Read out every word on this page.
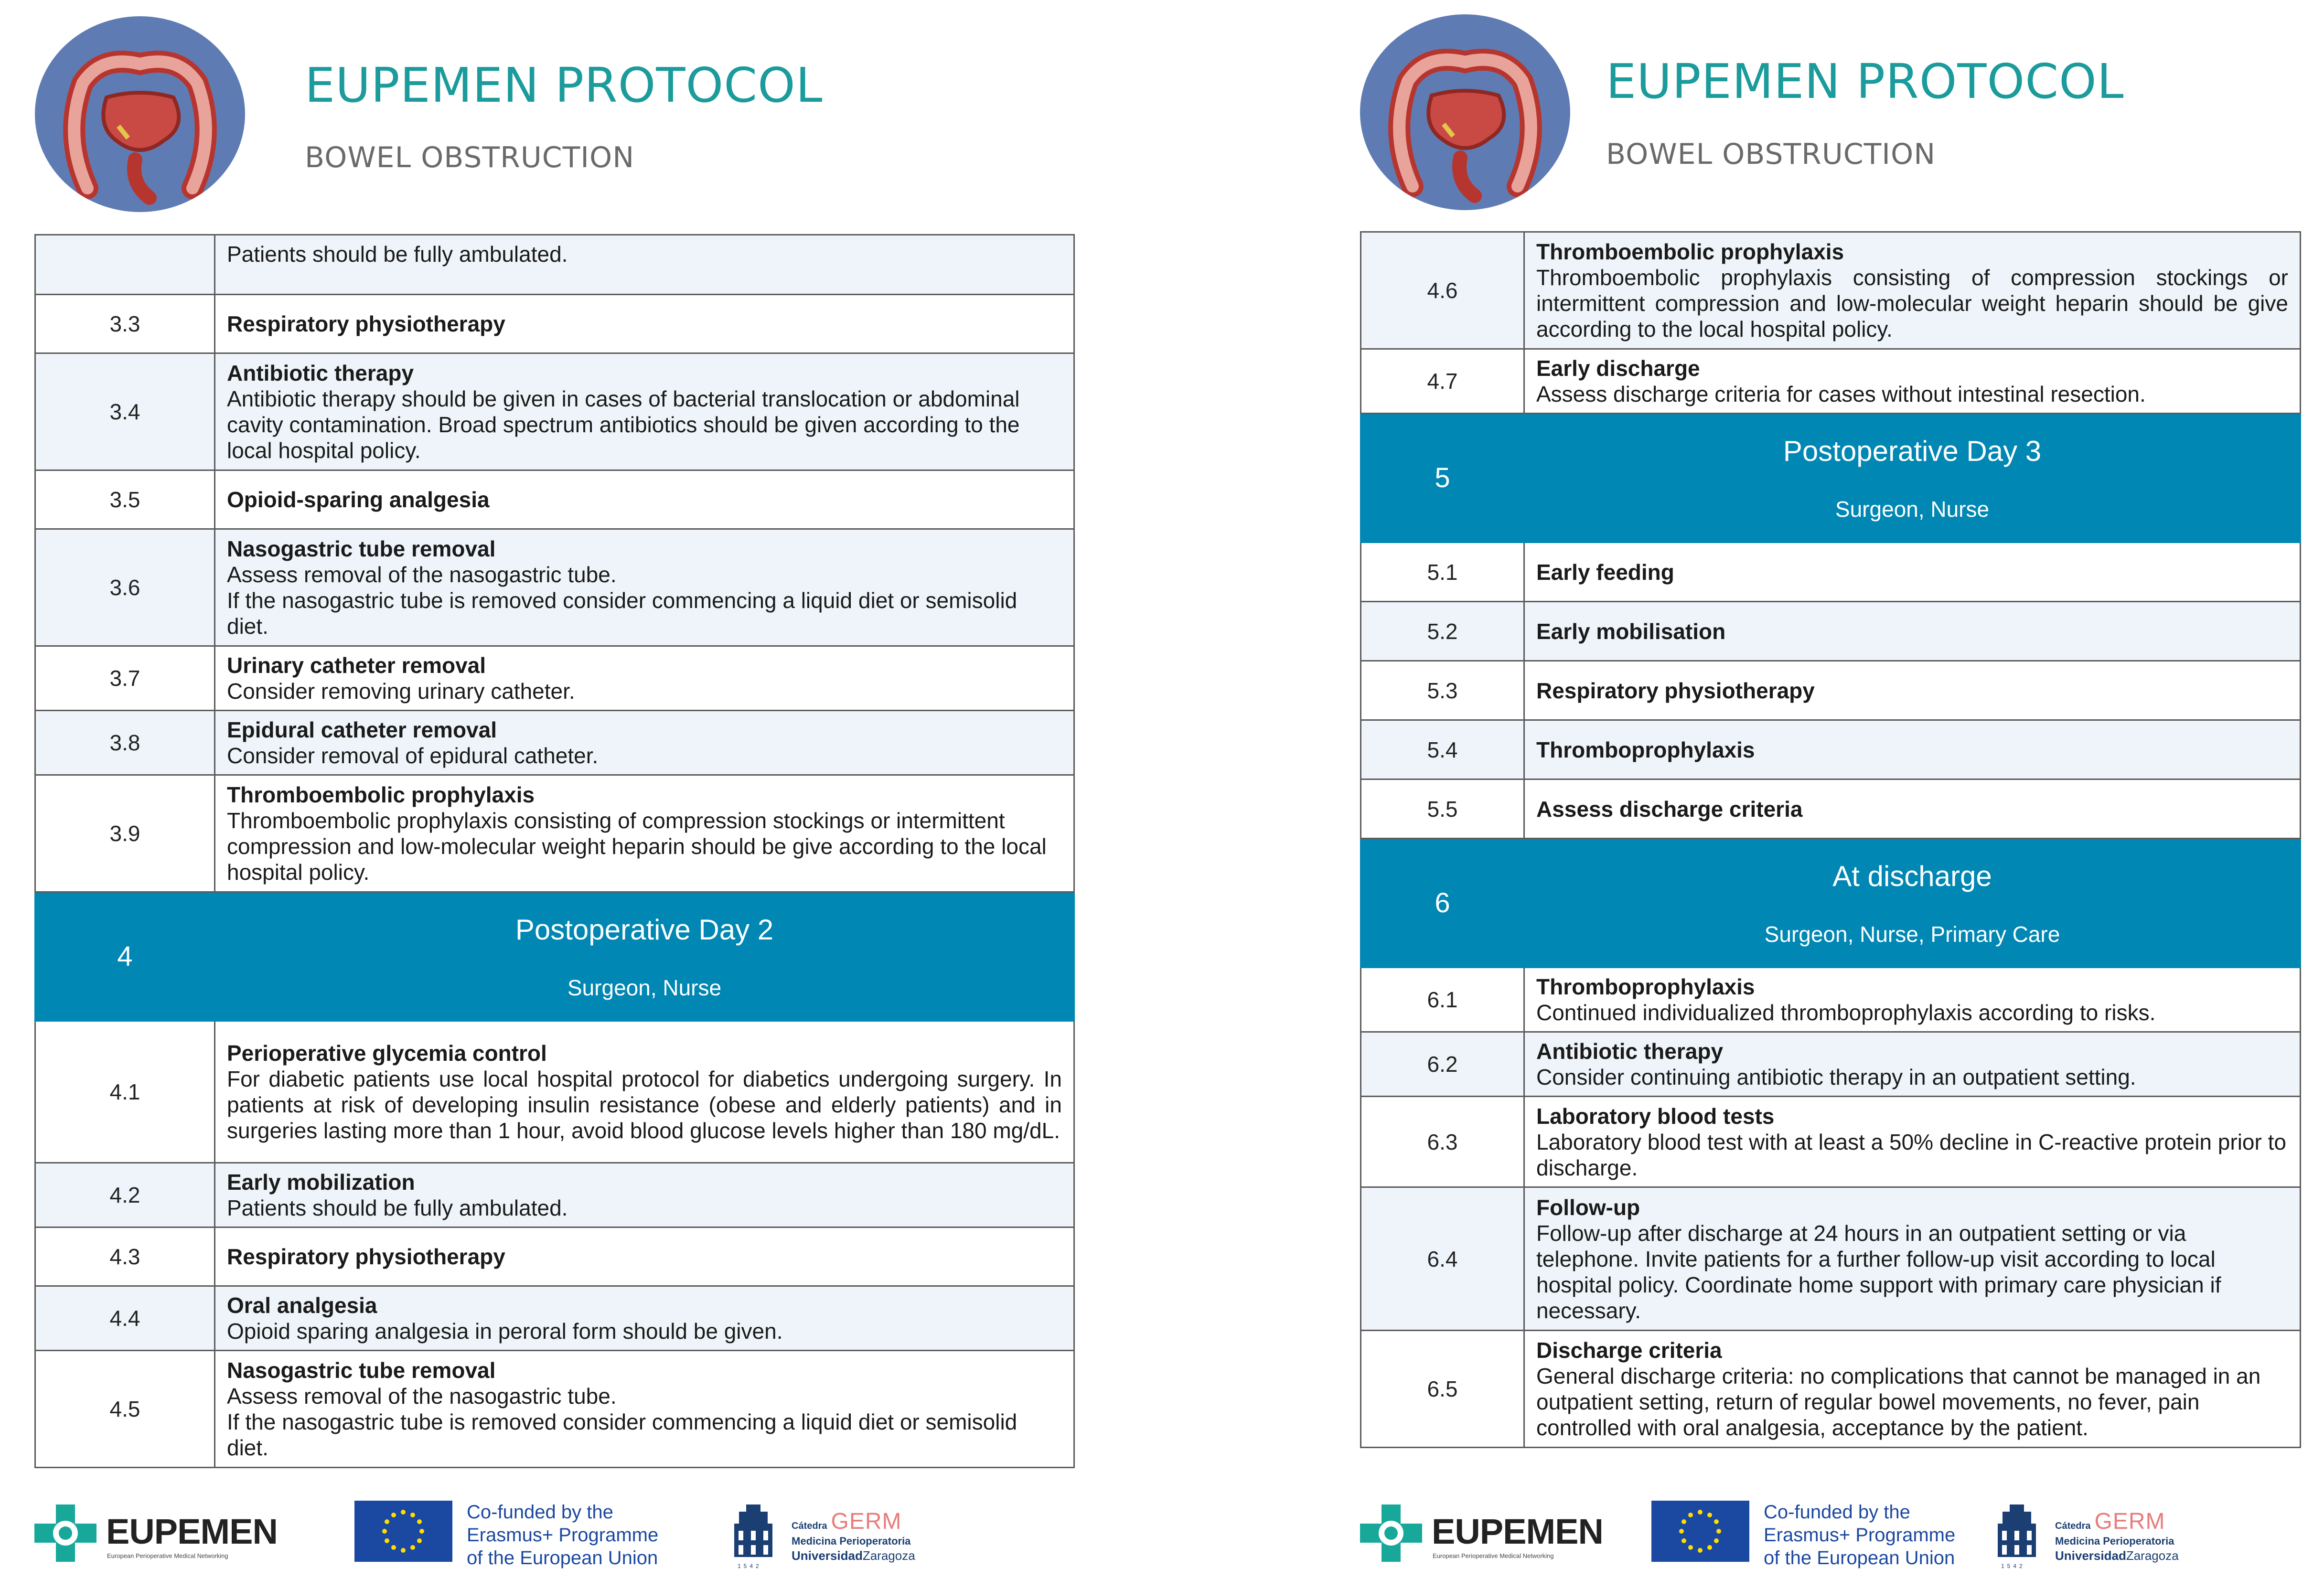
EUPEMEN PROTOCOL
BOWEL OBSTRUCTION

	Patients should be fully ambulated.

3.3	Respiratory physiotherapy

3.4	Antibiotic therapy
Antibiotic therapy should be given in cases of bacterial translocation or abdominal cavity contamination. Broad spectrum antibiotics should be given according to the local hospital policy.

3.5	Opioid-sparing analgesia

3.6	Nasogastric tube removal
Assess removal of the nasogastric tube.
If the nasogastric tube is removed consider commencing a liquid diet or semisolid diet.

3.7	Urinary catheter removal
Consider removing urinary catheter.

3.8	Epidural catheter removal
Consider removal of epidural catheter.

3.9	Thromboembolic prophylaxis
Thromboembolic prophylaxis consisting of compression stockings or intermittent compression and low-molecular weight heparin should be give according to the local hospital policy.

4	Postoperative Day 2
Surgeon, Nurse

4.1	Perioperative glycemia control
For diabetic patients use local hospital protocol for diabetics undergoing surgery. In patients at risk of developing insulin resistance (obese and elderly patients) and in surgeries lasting more than 1 hour, avoid blood glucose levels higher than 180 mg/dL.

4.2	Early mobilization
Patients should be fully ambulated.

4.3	Respiratory physiotherapy

4.4	Oral analgesia
Opioid sparing analgesia in peroral form should be given.

4.5	Nasogastric tube removal
Assess removal of the nasogastric tube.
If the nasogastric tube is removed consider commencing a liquid diet or semisolid diet.
EUPEMEN
European Perioperative Medical Networking
Co-funded by the
Erasmus+ Programme
of the European Union	1542
Cátedra GERM
Medicina Perioperatoria
UniversidadZaragoza
EUPEMEN PROTOCOL
BOWEL OBSTRUCTION
4.6	Thromboembolic prophylaxis
Thromboembolic prophylaxis consisting of compression stockings or intermittent compression and low-molecular weight heparin should be give according to the local hospital policy.

4.7	Early discharge
Assess discharge criteria for cases without intestinal resection.

5	Postoperative Day 3
Surgeon, Nurse

5.1	Early feeding

5.2	Early mobilisation

5.3	Respiratory physiotherapy

5.4	Thromboprophylaxis

5.5	Assess discharge criteria

6	At discharge
Surgeon, Nurse, Primary Care

6.1	Thromboprophylaxis
Continued individualized thromboprophylaxis according to risks.

6.2	Antibiotic therapy
Consider continuing antibiotic therapy in an outpatient setting.

6.3	Laboratory blood tests
Laboratory blood test with at least a 50% decline in C-reactive protein prior to discharge.

6.4	Follow-up
Follow-up after discharge at 24 hours in an outpatient setting or via telephone. Invite patients for a further follow-up visit according to local hospital policy. Coordinate home support with primary care physician if necessary.

6.5	Discharge criteria
General discharge criteria: no complications that cannot be managed in an outpatient setting, return of regular bowel movements, no fever, pain controlled with oral analgesia, acceptance by the patient.
EUPEMEN
European Perioperative Medical Networking
Co-funded by the
Erasmus+ Programme
of the European Union	1542
Cátedra GERM
Medicina Perioperatoria
UniversidadZaragoza
